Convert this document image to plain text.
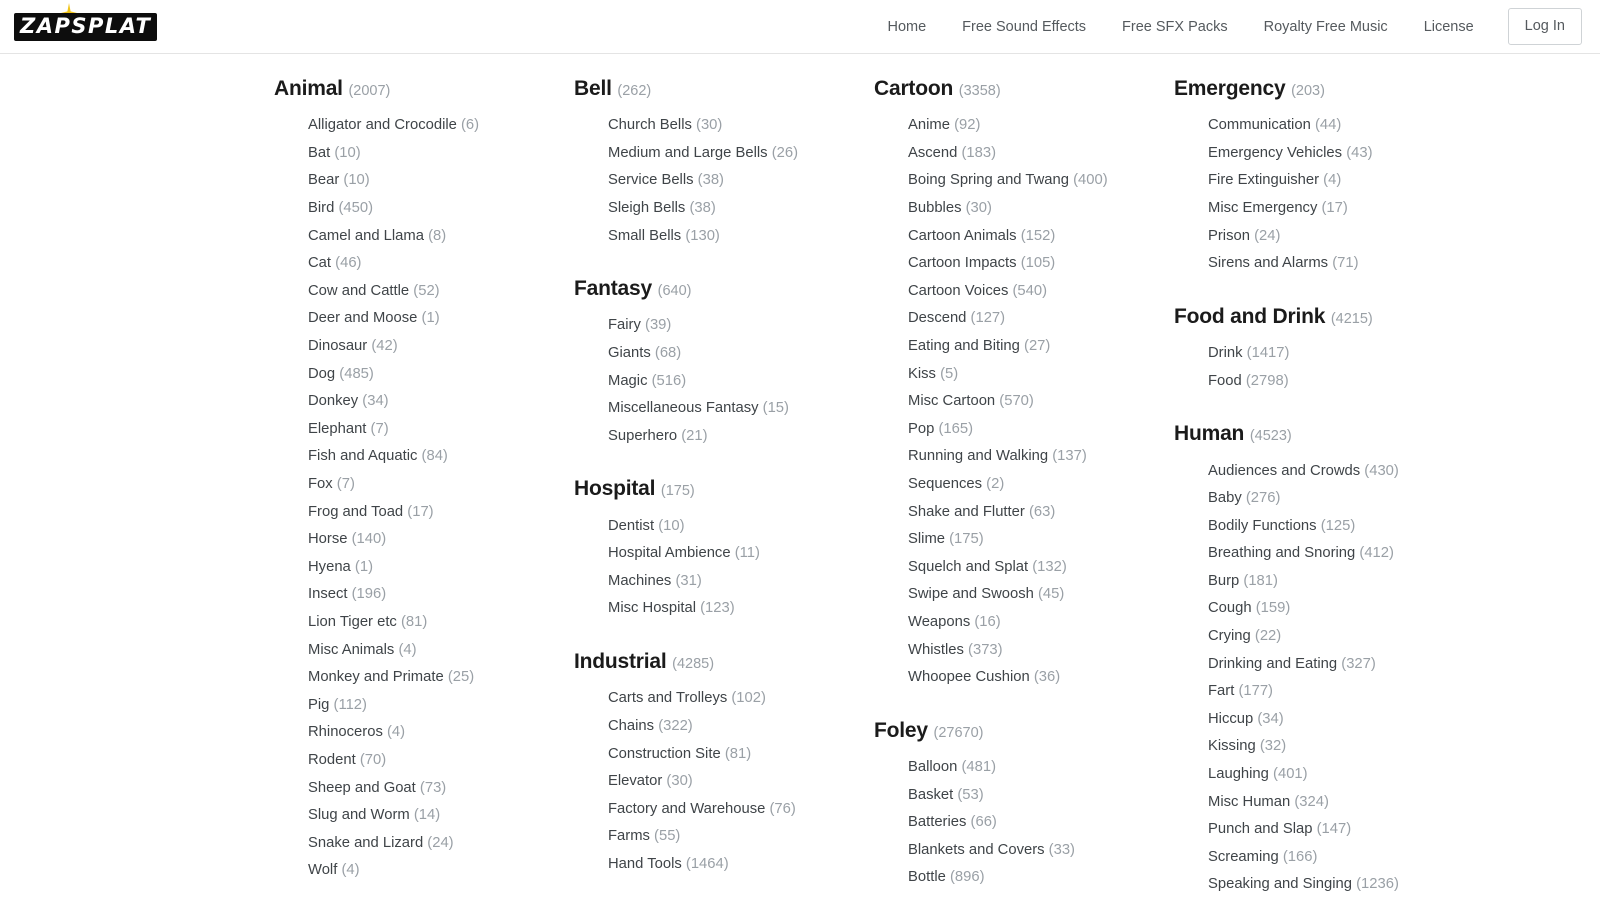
ZAPSPLAT	Home	Free Sound Effects	Free SFX Packs	Royalty Free Music	License	Log In
Animal (2007)
Alligator and Crocodile (6)
Bat (10)
Bear (10)
Bird (450)
Camel and Llama (8)
Cat (46)
Cow and Cattle (52)
Deer and Moose (1)
Dinosaur (42)
Dog (485)
Donkey (34)
Elephant (7)
Fish and Aquatic (84)
Fox (7)
Frog and Toad (17)
Horse (140)
Hyena (1)
Insect (196)
Lion Tiger etc (81)
Misc Animals (4)
Monkey and Primate (25)
Pig (112)
Rhinoceros (4)
Rodent (70)
Sheep and Goat (73)
Slug and Worm (14)
Snake and Lizard (24)
Wolf (4)
Bell (262)
Church Bells (30)
Medium and Large Bells (26)
Service Bells (38)
Sleigh Bells (38)
Small Bells (130)
Fantasy (640)
Fairy (39)
Giants (68)
Magic (516)
Miscellaneous Fantasy (15)
Superhero (21)
Hospital (175)
Dentist (10)
Hospital Ambience (11)
Machines (31)
Misc Hospital (123)
Industrial (4285)
Carts and Trolleys (102)
Chains (322)
Construction Site (81)
Elevator (30)
Factory and Warehouse (76)
Farms (55)
Hand Tools (1464)
Cartoon (3358)
Anime (92)
Ascend (183)
Boing Spring and Twang (400)
Bubbles (30)
Cartoon Animals (152)
Cartoon Impacts (105)
Cartoon Voices (540)
Descend (127)
Eating and Biting (27)
Kiss (5)
Misc Cartoon (570)
Pop (165)
Running and Walking (137)
Sequences (2)
Shake and Flutter (63)
Slime (175)
Squelch and Splat (132)
Swipe and Swoosh (45)
Weapons (16)
Whistles (373)
Whoopee Cushion (36)
Foley (27670)
Balloon (481)
Basket (53)
Batteries (66)
Blankets and Covers (33)
Bottle (896)
Emergency (203)
Communication (44)
Emergency Vehicles (43)
Fire Extinguisher (4)
Misc Emergency (17)
Prison (24)
Sirens and Alarms (71)
Food and Drink (4215)
Drink (1417)
Food (2798)
Human (4523)
Audiences and Crowds (430)
Baby (276)
Bodily Functions (125)
Breathing and Snoring (412)
Burp (181)
Cough (159)
Crying (22)
Drinking and Eating (327)
Fart (177)
Hiccup (34)
Kissing (32)
Laughing (401)
Misc Human (324)
Punch and Slap (147)
Screaming (166)
Speaking and Singing (1236)
